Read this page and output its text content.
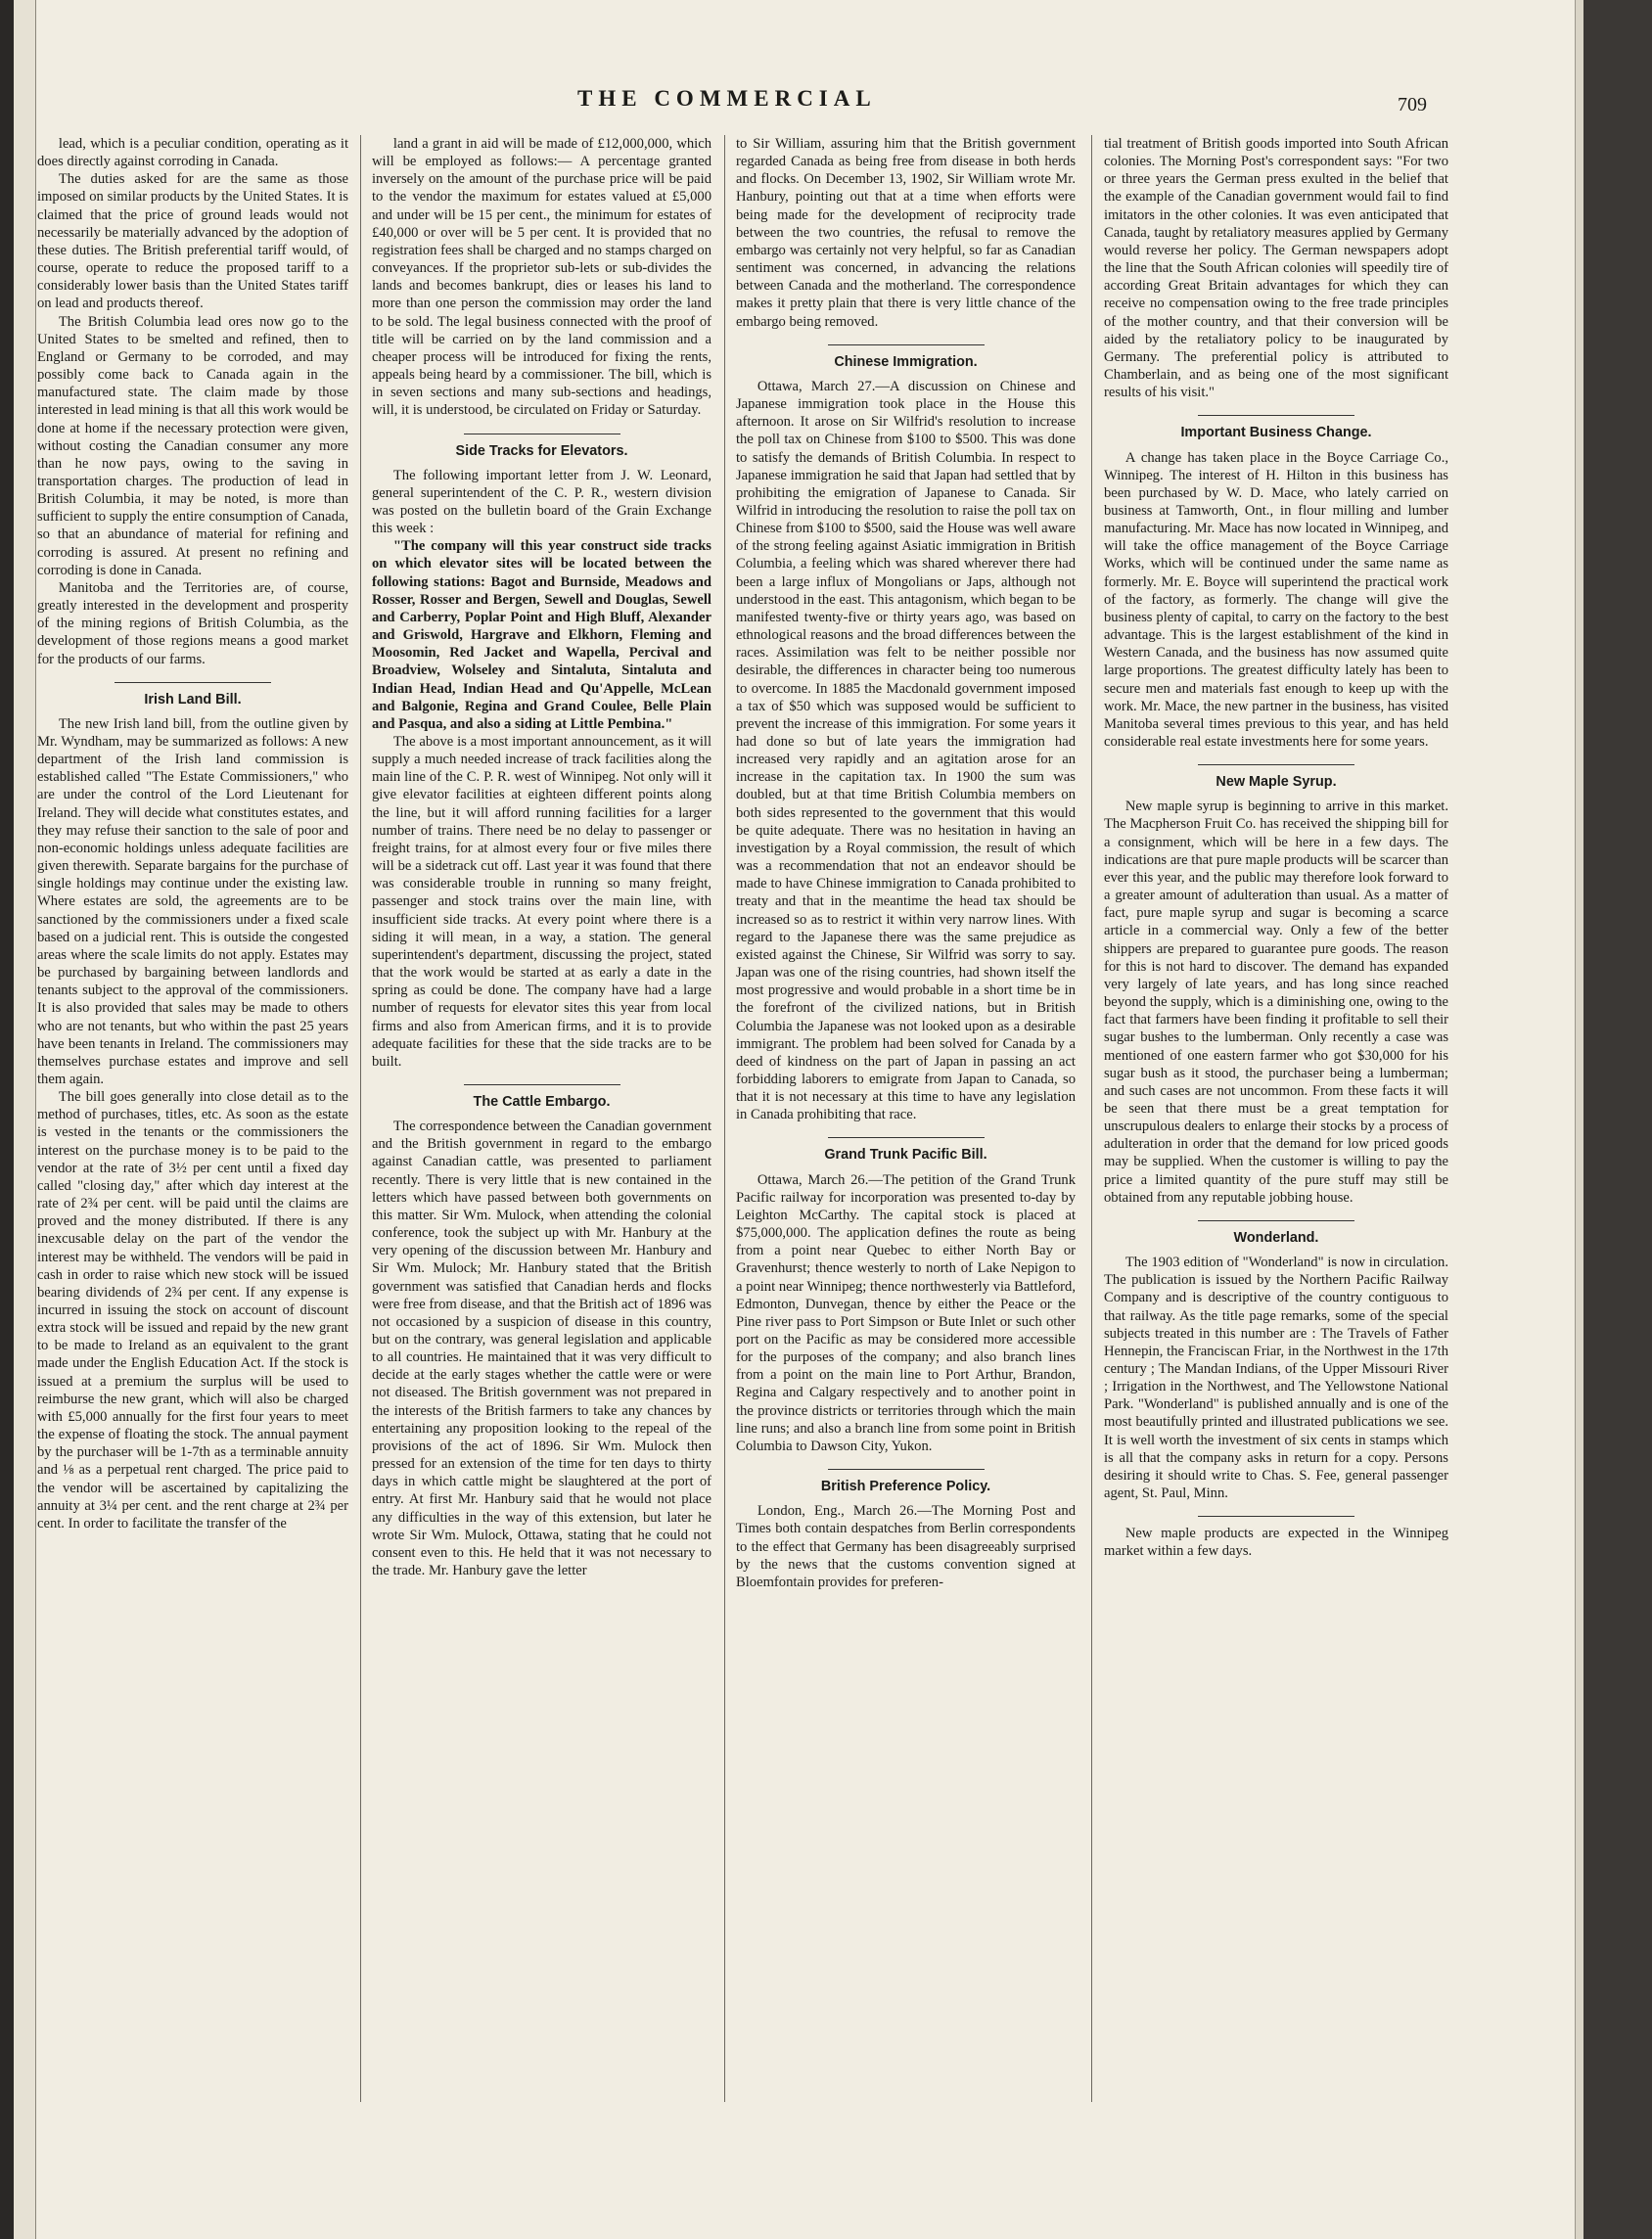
THE COMMERCIAL	709

lead, which is a peculiar condition, operating as it does directly against corroding in Canada.

The duties asked for are the same as those imposed on similar products by the United States. It is claimed that the price of ground leads would not necessarily be materially advanced by the adoption of these duties. The British preferential tariff would, of course, operate to reduce the proposed tariff to a considerably lower basis than the United States tariff on lead and products thereof.

The British Columbia lead ores now go to the United States to be smelted and refined, then to England or Germany to be corroded, and may possibly come back to Canada again in the manufactured state. The claim made by those interested in lead mining is that all this work would be done at home if the necessary protection were given, without costing the Canadian consumer any more than he now pays, owing to the saving in transportation charges. The production of lead in British Columbia, it may be noted, is more than sufficient to supply the entire consumption of Canada, so that an abundance of material for refining and corroding is assured. At present no refining and corroding is done in Canada.

Manitoba and the Territories are, of course, greatly interested in the development and prosperity of the mining regions of British Columbia, as the development of those regions means a good market for the products of our farms.

Irish Land Bill.

The new Irish land bill, from the outline given by Mr. Wyndham, may be summarized as follows: A new department of the Irish land commission is established called "The Estate Commissioners," who are under the control of the Lord Lieutenant for Ireland. They will decide what constitutes estates, and they may refuse their sanction to the sale of poor and non-economic holdings unless adequate facilities are given therewith. Separate bargains for the purchase of single holdings may continue under the existing law. Where estates are sold, the agreements are to be sanctioned by the commissioners under a fixed scale based on a judicial rent. This is outside the congested areas where the scale limits do not apply. Estates may be purchased by bargaining between landlords and tenants subject to the approval of the commissioners. It is also provided that sales may be made to others who are not tenants, but who within the past 25 years have been tenants in Ireland. The commissioners may themselves purchase estates and improve and sell them again.

The bill goes generally into close detail as to the method of purchases, titles, etc. As soon as the estate is vested in the tenants or the commissioners the interest on the purchase money is to be paid to the vendor at the rate of 3½ per cent until a fixed day called "closing day," after which day interest at the rate of 2¾ per cent. will be paid until the claims are proved and the money distributed. If there is any inexcusable delay on the part of the vendor the interest may be withheld. The vendors will be paid in cash in order to raise which new stock will be issued bearing dividends of 2¾ per cent. If any expense is incurred in issuing the stock on account of discount extra stock will be issued and repaid by the new grant to be made to Ireland as an equivalent to the grant made under the English Education Act. If the stock is issued at a premium the surplus will be used to reimburse the new grant, which will also be charged with £5,000 annually for the first four years to meet the expense of floating the stock. The annual payment by the purchaser will be 1-7th as a terminable annuity and ⅛ as a perpetual rent charged. The price paid to the vendor will be ascertained by capitalizing the annuity at 3¼ per cent. and the rent charge at 2¾ per cent. In order to facilitate the transfer of the

land a grant in aid will be made of £12,000,000, which will be employed as follows:— A percentage granted inversely on the amount of the purchase price will be paid to the vendor the maximum for estates valued at £5,000 and under will be 15 per cent., the minimum for estates of £40,000 or over will be 5 per cent. It is provided that no registration fees shall be charged and no stamps charged on conveyances. If the proprietor sub-lets or sub-divides the lands and becomes bankrupt, dies or leases his land to more than one person the commission may order the land to be sold. The legal business connected with the proof of title will be carried on by the land commission and a cheaper process will be introduced for fixing the rents, appeals being heard by a commissioner. The bill, which is in seven sections and many sub-sections and headings, will, it is understood, be circulated on Friday or Saturday.

Side Tracks for Elevators.

The following important letter from J. W. Leonard, general superintendent of the C. P. R., western division was posted on the bulletin board of the Grain Exchange this week :

"The company will this year construct side tracks on which elevator sites will be located between the following stations: Bagot and Burnside, Meadows and Rosser, Rosser and Bergen, Sewell and Douglas, Sewell and Carberry, Poplar Point and High Bluff, Alexander and Griswold, Hargrave and Elkhorn, Fleming and Moosomin, Red Jacket and Wapella, Percival and Broadview, Wolseley and Sintaluta, Sintaluta and Indian Head, Indian Head and Qu'Appelle, McLean and Balgonie, Regina and Grand Coulee, Belle Plain and Pasqua, and also a siding at Little Pembina."

The above is a most important announcement, as it will supply a much needed increase of track facilities along the main line of the C. P. R. west of Winnipeg. Not only will it give elevator facilities at eighteen different points along the line, but it will afford running facilities for a larger number of trains. There need be no delay to passenger or freight trains, for at almost every four or five miles there will be a sidetrack cut off. Last year it was found that there was considerable trouble in running so many freight, passenger and stock trains over the main line, with insufficient side tracks. At every point where there is a siding it will mean, in a way, a station. The general superintendent's department, discussing the project, stated that the work would be started at as early a date in the spring as could be done. The company have had a large number of requests for elevator sites this year from local firms and also from American firms, and it is to provide adequate facilities for these that the side tracks are to be built.

The Cattle Embargo.

The correspondence between the Canadian government and the British government in regard to the embargo against Canadian cattle, was presented to parliament recently. There is very little that is new contained in the letters which have passed between both governments on this matter. Sir Wm. Mulock, when attending the colonial conference, took the subject up with Mr. Hanbury at the very opening of the discussion between Mr. Hanbury and Sir Wm. Mulock; Mr. Hanbury stated that the British government was satisfied that Canadian herds and flocks were free from disease, and that the British act of 1896 was not occasioned by a suspicion of disease in this country, but on the contrary, was general legislation and applicable to all countries. He maintained that it was very difficult to decide at the early stages whether the cattle were or were not diseased. The British government was not prepared in the interests of the British farmers to take any chances by entertaining any proposition looking to the repeal of the provisions of the act of 1896. Sir Wm. Mulock then pressed for an extension of the time for ten days to thirty days in which cattle might be slaughtered at the port of entry. At first Mr. Hanbury said that he would not place any difficulties in the way of this extension, but later he wrote Sir Wm. Mulock, Ottawa, stating that he could not consent even to this. He held that it was not necessary to the trade. Mr. Hanbury gave the letter

to Sir William, assuring him that the British government regarded Canada as being free from disease in both herds and flocks. On December 13, 1902, Sir William wrote Mr. Hanbury, pointing out that at a time when efforts were being made for the development of reciprocity trade between the two countries, the refusal to remove the embargo was certainly not very helpful, so far as Canadian sentiment was concerned, in advancing the relations between Canada and the motherland. The correspondence makes it pretty plain that there is very little chance of the embargo being removed.

Chinese Immigration.

Ottawa, March 27.—A discussion on Chinese and Japanese immigration took place in the House this afternoon. It arose on Sir Wilfrid's resolution to increase the poll tax on Chinese from $100 to $500. This was done to satisfy the demands of British Columbia. In respect to Japanese immigration he said that Japan had settled that by prohibiting the emigration of Japanese to Canada. Sir Wilfrid in introducing the resolution to raise the poll tax on Chinese from $100 to $500, said the House was well aware of the strong feeling against Asiatic immigration in British Columbia, a feeling which was shared wherever there had been a large influx of Mongolians or Japs, although not understood in the east. This antagonism, which began to be manifested twenty-five or thirty years ago, was based on ethnological reasons and the broad differences between the races. Assimilation was felt to be neither possible nor desirable, the differences in character being too numerous to overcome. In 1885 the Macdonald government imposed a tax of $50 which was supposed would be sufficient to prevent the increase of this immigration. For some years it had done so but of late years the immigration had increased very rapidly and an agitation arose for an increase in the capitation tax. In 1900 the sum was doubled, but at that time British Columbia members on both sides represented to the government that this would be quite adequate. There was no hesitation in having an investigation by a Royal commission, the result of which was a recommendation that not an endeavor should be made to have Chinese immigration to Canada prohibited to treaty and that in the meantime the head tax should be increased so as to restrict it within very narrow lines. With regard to the Japanese there was the same prejudice as existed against the Chinese, Sir Wilfrid was sorry to say. Japan was one of the rising countries, had shown itself the most progressive and would probable in a short time be in the forefront of the civilized nations, but in British Columbia the Japanese was not looked upon as a desirable immigrant. The problem had been solved for Canada by a deed of kindness on the part of Japan in passing an act forbidding laborers to emigrate from Japan to Canada, so that it is not necessary at this time to have any legislation in Canada prohibiting that race.

Grand Trunk Pacific Bill.

Ottawa, March 26.—The petition of the Grand Trunk Pacific railway for incorporation was presented to-day by Leighton McCarthy. The capital stock is placed at $75,000,000. The application defines the route as being from a point near Quebec to either North Bay or Gravenhurst; thence westerly to north of Lake Nepigon to a point near Winnipeg; thence northwesterly via Battleford, Edmonton, Dunvegan, thence by either the Peace or the Pine river pass to Port Simpson or Bute Inlet or such other port on the Pacific as may be considered more accessible for the purposes of the company; and also branch lines from a point on the main line to Port Arthur, Brandon, Regina and Calgary respectively and to another point in the province districts or territories through which the main line runs; and also a branch line from some point in British Columbia to Dawson City, Yukon.

British Preference Policy.

London, Eng., March 26.—The Morning Post and Times both contain despatches from Berlin correspondents to the effect that Germany has been disagreeably surprised by the news that the customs convention signed at Bloemfontain provides for preferen-

tial treatment of British goods imported into South African colonies. The Morning Post's correspondent says: "For two or three years the German press exulted in the belief that the example of the Canadian government would fail to find imitators in the other colonies. It was even anticipated that Canada, taught by retaliatory measures applied by Germany would reverse her policy. The German newspapers adopt the line that the South African colonies will speedily tire of according Great Britain advantages for which they can receive no compensation owing to the free trade principles of the mother country, and that their conversion will be aided by the retaliatory policy to be inaugurated by Germany. The preferential policy is attributed to Chamberlain, and as being one of the most significant results of his visit."

Important Business Change.

A change has taken place in the Boyce Carriage Co., Winnipeg. The interest of H. Hilton in this business has been purchased by W. D. Mace, who lately carried on business at Tamworth, Ont., in flour milling and lumber manufacturing. Mr. Mace has now located in Winnipeg, and will take the office management of the Boyce Carriage Works, which will be continued under the same name as formerly. Mr. E. Boyce will superintend the practical work of the factory, as formerly. The change will give the business plenty of capital, to carry on the factory to the best advantage. This is the largest establishment of the kind in Western Canada, and the business has now assumed quite large proportions. The greatest difficulty lately has been to secure men and materials fast enough to keep up with the work. Mr. Mace, the new partner in the business, has visited Manitoba several times previous to this year, and has held considerable real estate investments here for some years.

New Maple Syrup.

New maple syrup is beginning to arrive in this market. The Macpherson Fruit Co. has received the shipping bill for a consignment, which will be here in a few days. The indications are that pure maple products will be scarcer than ever this year, and the public may therefore look forward to a greater amount of adulteration than usual. As a matter of fact, pure maple syrup and sugar is becoming a scarce article in a commercial way. Only a few of the better shippers are prepared to guarantee pure goods. The reason for this is not hard to discover. The demand has expanded very largely of late years, and has long since reached beyond the supply, which is a diminishing one, owing to the fact that farmers have been finding it profitable to sell their sugar bushes to the lumberman. Only recently a case was mentioned of one eastern farmer who got $30,000 for his sugar bush as it stood, the purchaser being a lumberman; and such cases are not uncommon. From these facts it will be seen that there must be a great temptation for unscrupulous dealers to enlarge their stocks by a process of adulteration in order that the demand for low priced goods may be supplied. When the customer is willing to pay the price a limited quantity of the pure stuff may still be obtained from any reputable jobbing house.

Wonderland.

The 1903 edition of "Wonderland" is now in circulation. The publication is issued by the Northern Pacific Railway Company and is descriptive of the country contiguous to that railway. As the title page remarks, some of the special subjects treated in this number are : The Travels of Father Hennepin, the Franciscan Friar, in the Northwest in the 17th century ; The Mandan Indians, of the Upper Missouri River ; Irrigation in the Northwest, and The Yellowstone National Park. "Wonderland" is published annually and is one of the most beautifully printed and illustrated publications we see. It is well worth the investment of six cents in stamps which is all that the company asks in return for a copy. Persons desiring it should write to Chas. S. Fee, general passenger agent, St. Paul, Minn.

New maple products are expected in the Winnipeg market within a few days.
